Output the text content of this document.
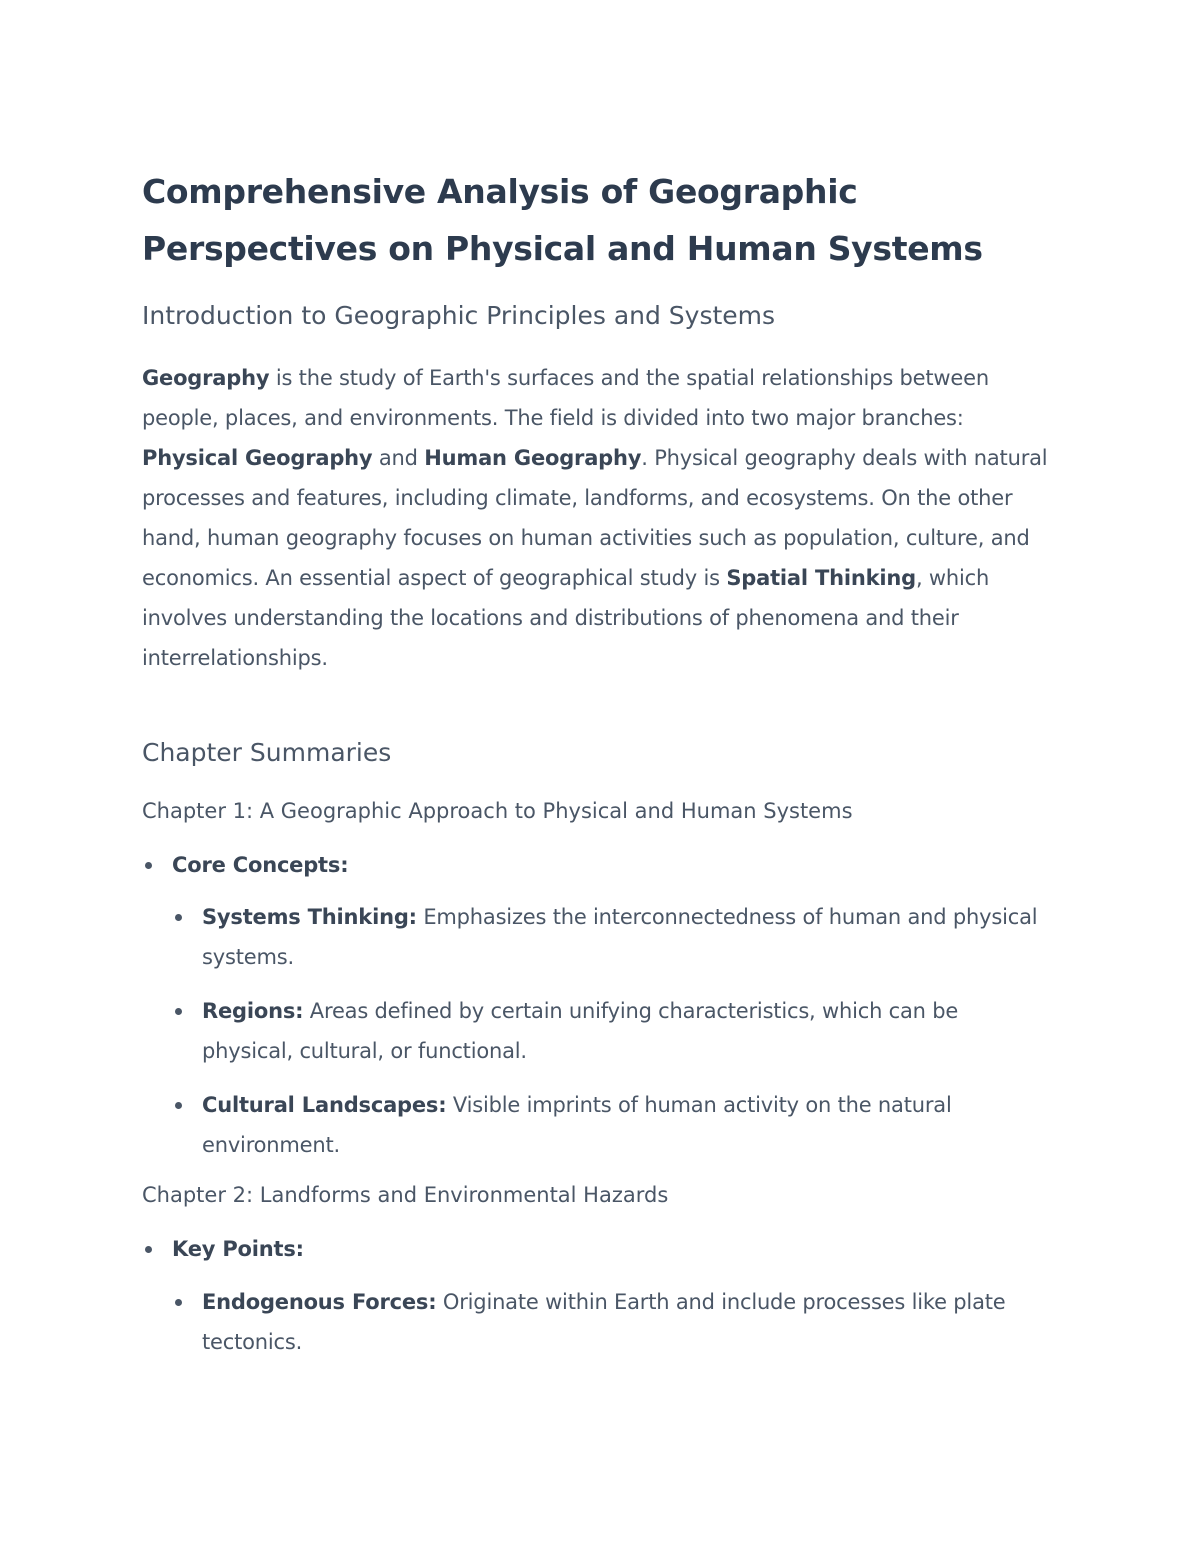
Comprehensive Analysis of Geographic Perspectives on Physical and Human Systems
Introduction to Geographic Principles and Systems

Geography is the study of Earth's surfaces and the spatial relationships between people, places, and environments. The field is divided into two major branches: Physical Geography and Human Geography. Physical geography deals with natural processes and features, including climate, landforms, and ecosystems. On the other hand, human geography focuses on human activities such as population, culture, and economics. An essential aspect of geographical study is Spatial Thinking, which involves understanding the locations and distributions of phenomena and their interrelationships.

Chapter Summaries
Chapter 1: A Geographic Approach to Physical and Human Systems
Core Concepts:
Systems Thinking: Emphasizes the interconnectedness of human and physical systems.
Regions: Areas defined by certain unifying characteristics, which can be physical, cultural, or functional.
Cultural Landscapes: Visible imprints of human activity on the natural environment.
Chapter 2: Landforms and Environmental Hazards
Key Points:
Endogenous Forces: Originate within Earth and include processes like plate tectonics.
